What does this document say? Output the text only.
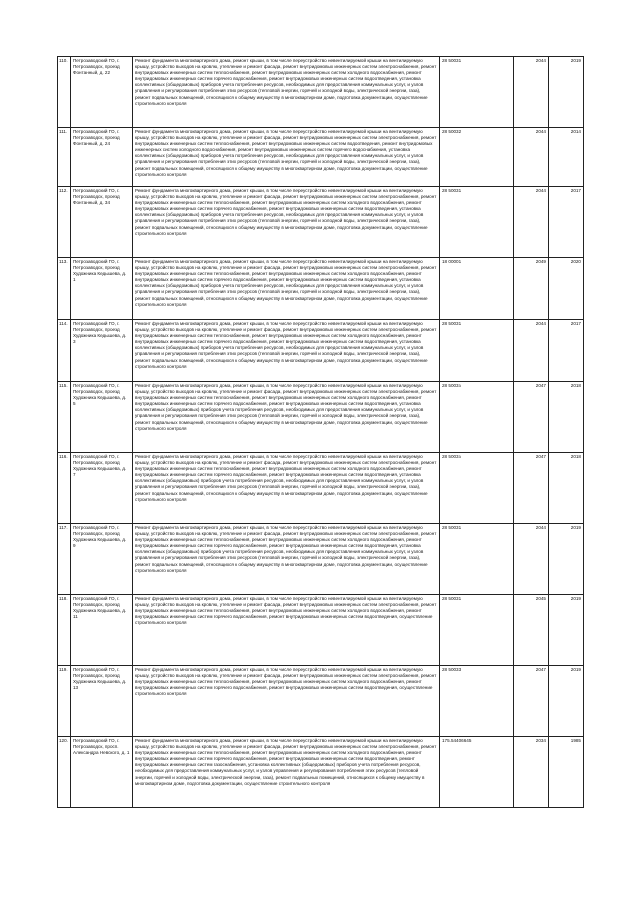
110.	Петрозаводский ГО, г. Петрозаводск, проезд Фонтанный, д. 22	Ремонт фундамента многоквартирного дома, ремонт крыши, в том числе переустройство невентилируемой крыши на вентилируемую крышу, устройство выходов на кровлю, утепление и ремонт фасада, ремонт внутридомовых инженерных систем электроснабжения, ремонт внутридомовых инженерных систем теплоснабжения, ремонт внутридомовых инженерных систем холодного водоснабжения, ремонт внутридомовых инженерных систем горячего водоснабжения, ремонт внутридомовых инженерных систем водоотведения, установка коллективных (общедомовых) приборов учета потребления ресурсов, необходимых для предоставления коммунальных услуг, и узлов управления и регулирования потребления этих ресурсов (тепловой энергии, горячей и холодной воды, электрической энергии, газа), ремонт подвальных помещений, относящихся к общему имуществу в многоквартирном доме, подготовка документации, осуществление строительного контроля	28 50031	2044	2019
111.	Петрозаводский ГО, г. Петрозаводск, проезд Фонтанный, д. 24	Ремонт фундамента многоквартирного дома, ремонт крыши, в том числе переустройство невентилируемой крыши на вентилируемую крышу, устройство выходов на кровлю, утепление и ремонт фасада, ремонт внутридомовых инженерных систем электроснабжения, ремонт внутридомовых инженерных систем теплоснабжения, ремонт внутридомовых инженерных систем водоотведения, ремонт внутридомовых инженерных систем холодного водоснабжения, ремонт внутридомовых инженерных систем горячего водоснабжения, установка коллективных (общедомовых) приборов учета потребления ресурсов, необходимых для предоставления коммунальных услуг, и узлов управления и регулирования потребления этих ресурсов (тепловой энергии, горячей и холодной воды, электрической энергии, газа), ремонт подвальных помещений, относящихся к общему имуществу в многоквартирном доме, подготовка документации, осуществление строительного контроля	28 50032	2044	2014
112.	Петрозаводский ГО, г. Петрозаводск, проезд Фонтанный, д. 34	Ремонт фундамента многоквартирного дома, ремонт крыши, в том числе переустройство невентилируемой крыши на вентилируемую крышу, устройство выходов на кровлю, утепление и ремонт фасада, ремонт внутридомовых инженерных систем электроснабжения, ремонт внутридомовых инженерных систем теплоснабжения, ремонт внутридомовых инженерных систем холодного водоснабжения, ремонт внутридомовых инженерных систем горячего водоснабжения, ремонт внутридомовых инженерных систем водоотведения, установка коллективных (общедомовых) приборов учета потребления ресурсов, необходимых для предоставления коммунальных услуг, и узлов управления и регулирования потребления этих ресурсов (тепловой энергии, горячей и холодной воды, электрической энергии, газа), ремонт подвальных помещений, относящихся к общему имуществу в многоквартирном доме, подготовка документации, осуществление строительного контроля	28 50031	2044	2017
113.	Петрозаводский ГО, г. Петрозаводск, проезд Художника Кедышева, д. 1	Ремонт фундамента многоквартирного дома, ремонт крыши, в том числе переустройство невентилируемой крыши на вентилируемую крышу, устройство выходов на кровлю, утепление и ремонт фасада, ремонт внутридомовых инженерных систем электроснабжения, ремонт внутридомовых инженерных систем теплоснабжения, ремонт внутридомовых инженерных систем холодного водоснабжения, ремонт внутридомовых инженерных систем горячего водоснабжения, ремонт внутридомовых инженерных систем водоотведения, установка коллективных (общедомовых) приборов учета потребления ресурсов, необходимых для предоставления коммунальных услуг, и узлов управления и регулирования потребления этих ресурсов (тепловой энергии, горячей и холодной воды, электрической энергии, газа), ремонт подвальных помещений, относящихся к общему имуществу в многоквартирном доме, подготовка документации, осуществление строительного контроля	18 00001	2049	2020
114.	Петрозаводский ГО, г. Петрозаводск, проезд Художника Кедышева, д. 3	Ремонт фундамента многоквартирного дома, ремонт крыши, в том числе переустройство невентилируемой крыши на вентилируемую крышу, устройство выходов на кровлю, утепление и ремонт фасада, ремонт внутридомовых инженерных систем электроснабжения, ремонт внутридомовых инженерных систем теплоснабжения, ремонт внутридомовых инженерных систем холодного водоснабжения, ремонт внутридомовых инженерных систем горячего водоснабжения, ремонт внутридомовых инженерных систем водоотведения, установка коллективных (общедомовых) приборов учета потребления ресурсов, необходимых для предоставления коммунальных услуг, и узлов управления и регулирования потребления этих ресурсов (тепловой энергии, горячей и холодной воды, электрической энергии, газа), ремонт подвальных помещений, относящихся к общему имуществу в многоквартирном доме, подготовка документации, осуществление строительного контроля	28 50031	2044	2017
115.	Петрозаводский ГО, г. Петрозаводск, проезд Художника Кедышева, д. 5	Ремонт фундамента многоквартирного дома, ремонт крыши, в том числе переустройство невентилируемой крыши на вентилируемую крышу, устройство выходов на кровлю, утепление и ремонт фасада, ремонт внутридомовых инженерных систем электроснабжения, ремонт внутридомовых инженерных систем теплоснабжения, ремонт внутридомовых инженерных систем холодного водоснабжения, ремонт внутридомовых инженерных систем горячего водоснабжения, ремонт внутридомовых инженерных систем водоотведения, установка коллективных (общедомовых) приборов учета потребления ресурсов, необходимых для предоставления коммунальных услуг, и узлов управления и регулирования потребления этих ресурсов (тепловой энергии, горячей и холодной воды, электрической энергии, газа), ремонт подвальных помещений, относящихся к общему имуществу в многоквартирном доме, подготовка документации, осуществление строительного контроля	28 5003з	2047	2018
116.	Петрозаводский ГО, г. Петрозаводск, проезд Художника Кедышева, д. 7	Ремонт фундамента многоквартирного дома, ремонт крыши, в том числе переустройство невентилируемой крыши на вентилируемую крышу, устройство выходов на кровлю, утепление и ремонт фасада, ремонт внутридомовых инженерных систем электроснабжения, ремонт внутридомовых инженерных систем теплоснабжения, ремонт внутридомовых инженерных систем холодного водоснабжения, ремонт внутридомовых инженерных систем горячего водоснабжения, ремонт внутридомовых инженерных систем водоотведения, установка коллективных (общедомовых) приборов учета потребления ресурсов, необходимых для предоставления коммунальных услуг, и узлов управления и регулирования потребления этих ресурсов (тепловой энергии, горячей и холодной воды, электрической энергии, газа), ремонт подвальных помещений, относящихся к общему имуществу в многоквартирном доме, подготовка документации, осуществление строительного контроля	28 5003з	2047	2018
117.	Петрозаводский ГО, г. Петрозаводск, проезд Художника Кедышева, д. 9	Ремонт фундамента многоквартирного дома, ремонт крыши, в том числе переустройство невентилируемой крыши на вентилируемую крышу, устройство выходов на кровлю, утепление и ремонт фасада, ремонт внутридомовых инженерных систем электроснабжения, ремонт внутридомовых инженерных систем теплоснабжения, ремонт внутридомовых инженерных систем холодного водоснабжения, ремонт внутридомовых инженерных систем горячего водоснабжения, ремонт внутридомовых инженерных систем водоотведения, установка коллективных (общедомовых) приборов учета потребления ресурсов, необходимых для предоставления коммунальных услуг, и узлов управления и регулирования потребления этих ресурсов (тепловой энергии, горячей и холодной воды, электрической энергии, газа), ремонт подвальных помещений, относящихся к общему имуществу в многоквартирном доме, подготовка документации, осуществление строительного контроля	28 50031	2044	2019
118.	Петрозаводский ГО, г. Петрозаводск, проезд Художника Кедышева, д. 11	Ремонт фундамента многоквартирного дома, ремонт крыши, в том числе переустройство невентилируемой крыши на вентилируемую крышу, устройство выходов на кровлю, утепление и ремонт фасада, ремонт внутридомовых инженерных систем электроснабжения, ремонт внутридомовых инженерных систем теплоснабжения, ремонт внутридомовых инженерных систем холодного водоснабжения, ремонт внутридомовых инженерных систем горячего водоснабжения, ремонт внутридомовых инженерных систем водоотведения, осуществление строительного контроля	28 50031	2045	2019
119.	Петрозаводский ГО, г. Петрозаводск, проезд Художника Кедышева, д. 13	Ремонт фундамента многоквартирного дома, ремонт крыши, в том числе переустройство невентилируемой крыши на вентилируемую крышу, устройство выходов на кровлю, утепление и ремонт фасада, ремонт внутридомовых инженерных систем электроснабжения, ремонт внутридомовых инженерных систем теплоснабжения, ремонт внутридомовых инженерных систем холодного водоснабжения, ремонт внутридомовых инженерных систем горячего водоснабжения, ремонт внутридомовых инженерных систем водоотведения, осуществление строительного контроля	28 50033	2047	2019
120.	Петрозаводский ГО, г. Петрозаводск, просп. Александра Невского, д. 1	Ремонт фундамента многоквартирного дома, ремонт крыши, в том числе переустройство невентилируемой крыши на вентилируемую крышу, устройство выходов на кровлю, утепление и ремонт фасада, ремонт внутридомовых инженерных систем электроснабжения, ремонт внутридомовых инженерных систем теплоснабжения, ремонт внутридомовых инженерных систем холодного водоснабжения, ремонт внутридомовых инженерных систем горячего водоснабжения, ремонт внутридомовых инженерных систем водоотведения, ремонт внутридомовых инженерных систем газоснабжения, установка коллективных (общедомовых) приборов учета потребления ресурсов, необходимых для предоставления коммунальных услуг, и узлов управления и регулирования потребления этих ресурсов (тепловой энергии, горячей и холодной воды, электрической энергии, газа), ремонт подвальных помещений, относящихся к общему имуществу в многоквартирном доме, подготовка документации, осуществление строительного контроля	175.54406645	2034	1985
